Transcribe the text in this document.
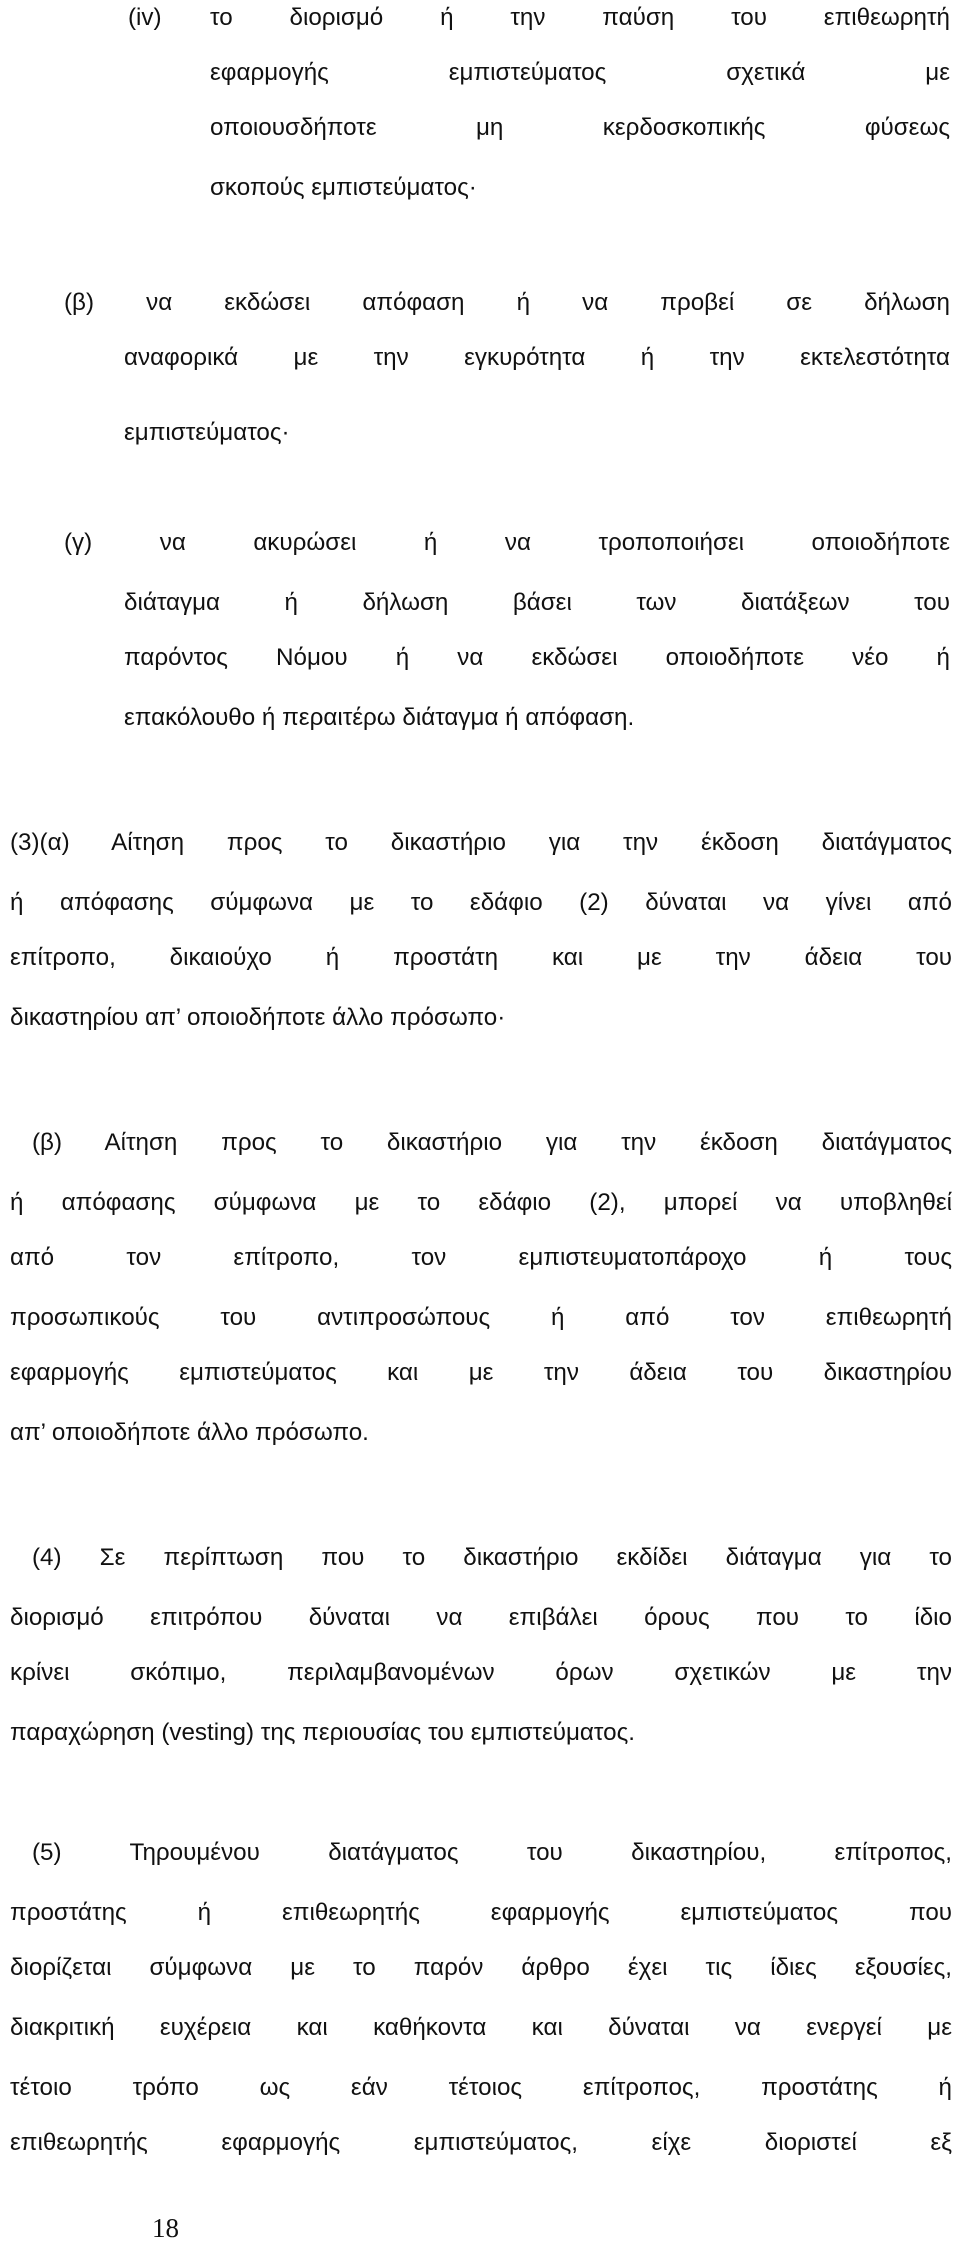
(iv) το διορισμό ή την παύση του επιθεωρητή
εφαρμογής εμπιστεύματος σχετικά με
οποιουσδήποτε μη κερδοσκοπικής φύσεως
σκοπούς εμπιστεύματος·
(β) να εκδώσει απόφαση ή να προβεί σε δήλωση
αναφορικά με την εγκυρότητα ή την εκτελεστότητα
εμπιστεύματος·
(γ) να ακυρώσει ή να τροποποιήσει οποιοδήποτε
διάταγμα ή δήλωση βάσει των διατάξεων του
παρόντος Νόμου ή να εκδώσει οποιοδήποτε νέο ή
επακόλουθο ή περαιτέρω διάταγμα ή απόφαση.
(3)(α) Αίτηση προς το δικαστήριο για την έκδοση διατάγματος
ή απόφασης σύμφωνα με το εδάφιο (2) δύναται να γίνει από
επίτροπο, δικαιούχο ή προστάτη και με την άδεια του
δικαστηρίου απ’ οποιοδήποτε άλλο πρόσωπο·
(β) Αίτηση προς το δικαστήριο για την έκδοση διατάγματος
ή απόφασης σύμφωνα με το εδάφιο (2), μπορεί να υποβληθεί
από τον επίτροπο, τον εμπιστευματοπάροχο ή τους
προσωπικούς του αντιπροσώπους ή από τον επιθεωρητή
εφαρμογής εμπιστεύματος και με την άδεια του δικαστηρίου
απ’ οποιοδήποτε άλλο πρόσωπο.
(4) Σε περίπτωση που το δικαστήριο εκδίδει διάταγμα για το
διορισμό επιτρόπου δύναται να επιβάλει όρους που το ίδιο
κρίνει σκόπιμο, περιλαμβανομένων όρων σχετικών με την
παραχώρηση (vesting) της περιουσίας του εμπιστεύματος.
(5) Τηρουμένου διατάγματος του δικαστηρίου, επίτροπος,
προστάτης ή επιθεωρητής εφαρμογής εμπιστεύματος που
διορίζεται σύμφωνα με το παρόν άρθρο έχει τις ίδιες εξουσίες,
διακριτική ευχέρεια και καθήκοντα και δύναται να ενεργεί με
τέτοιο τρόπο ως εάν τέτοιος επίτροπος, προστάτης ή
επιθεωρητής εφαρμογής εμπιστεύματος, είχε διοριστεί εξ
18
